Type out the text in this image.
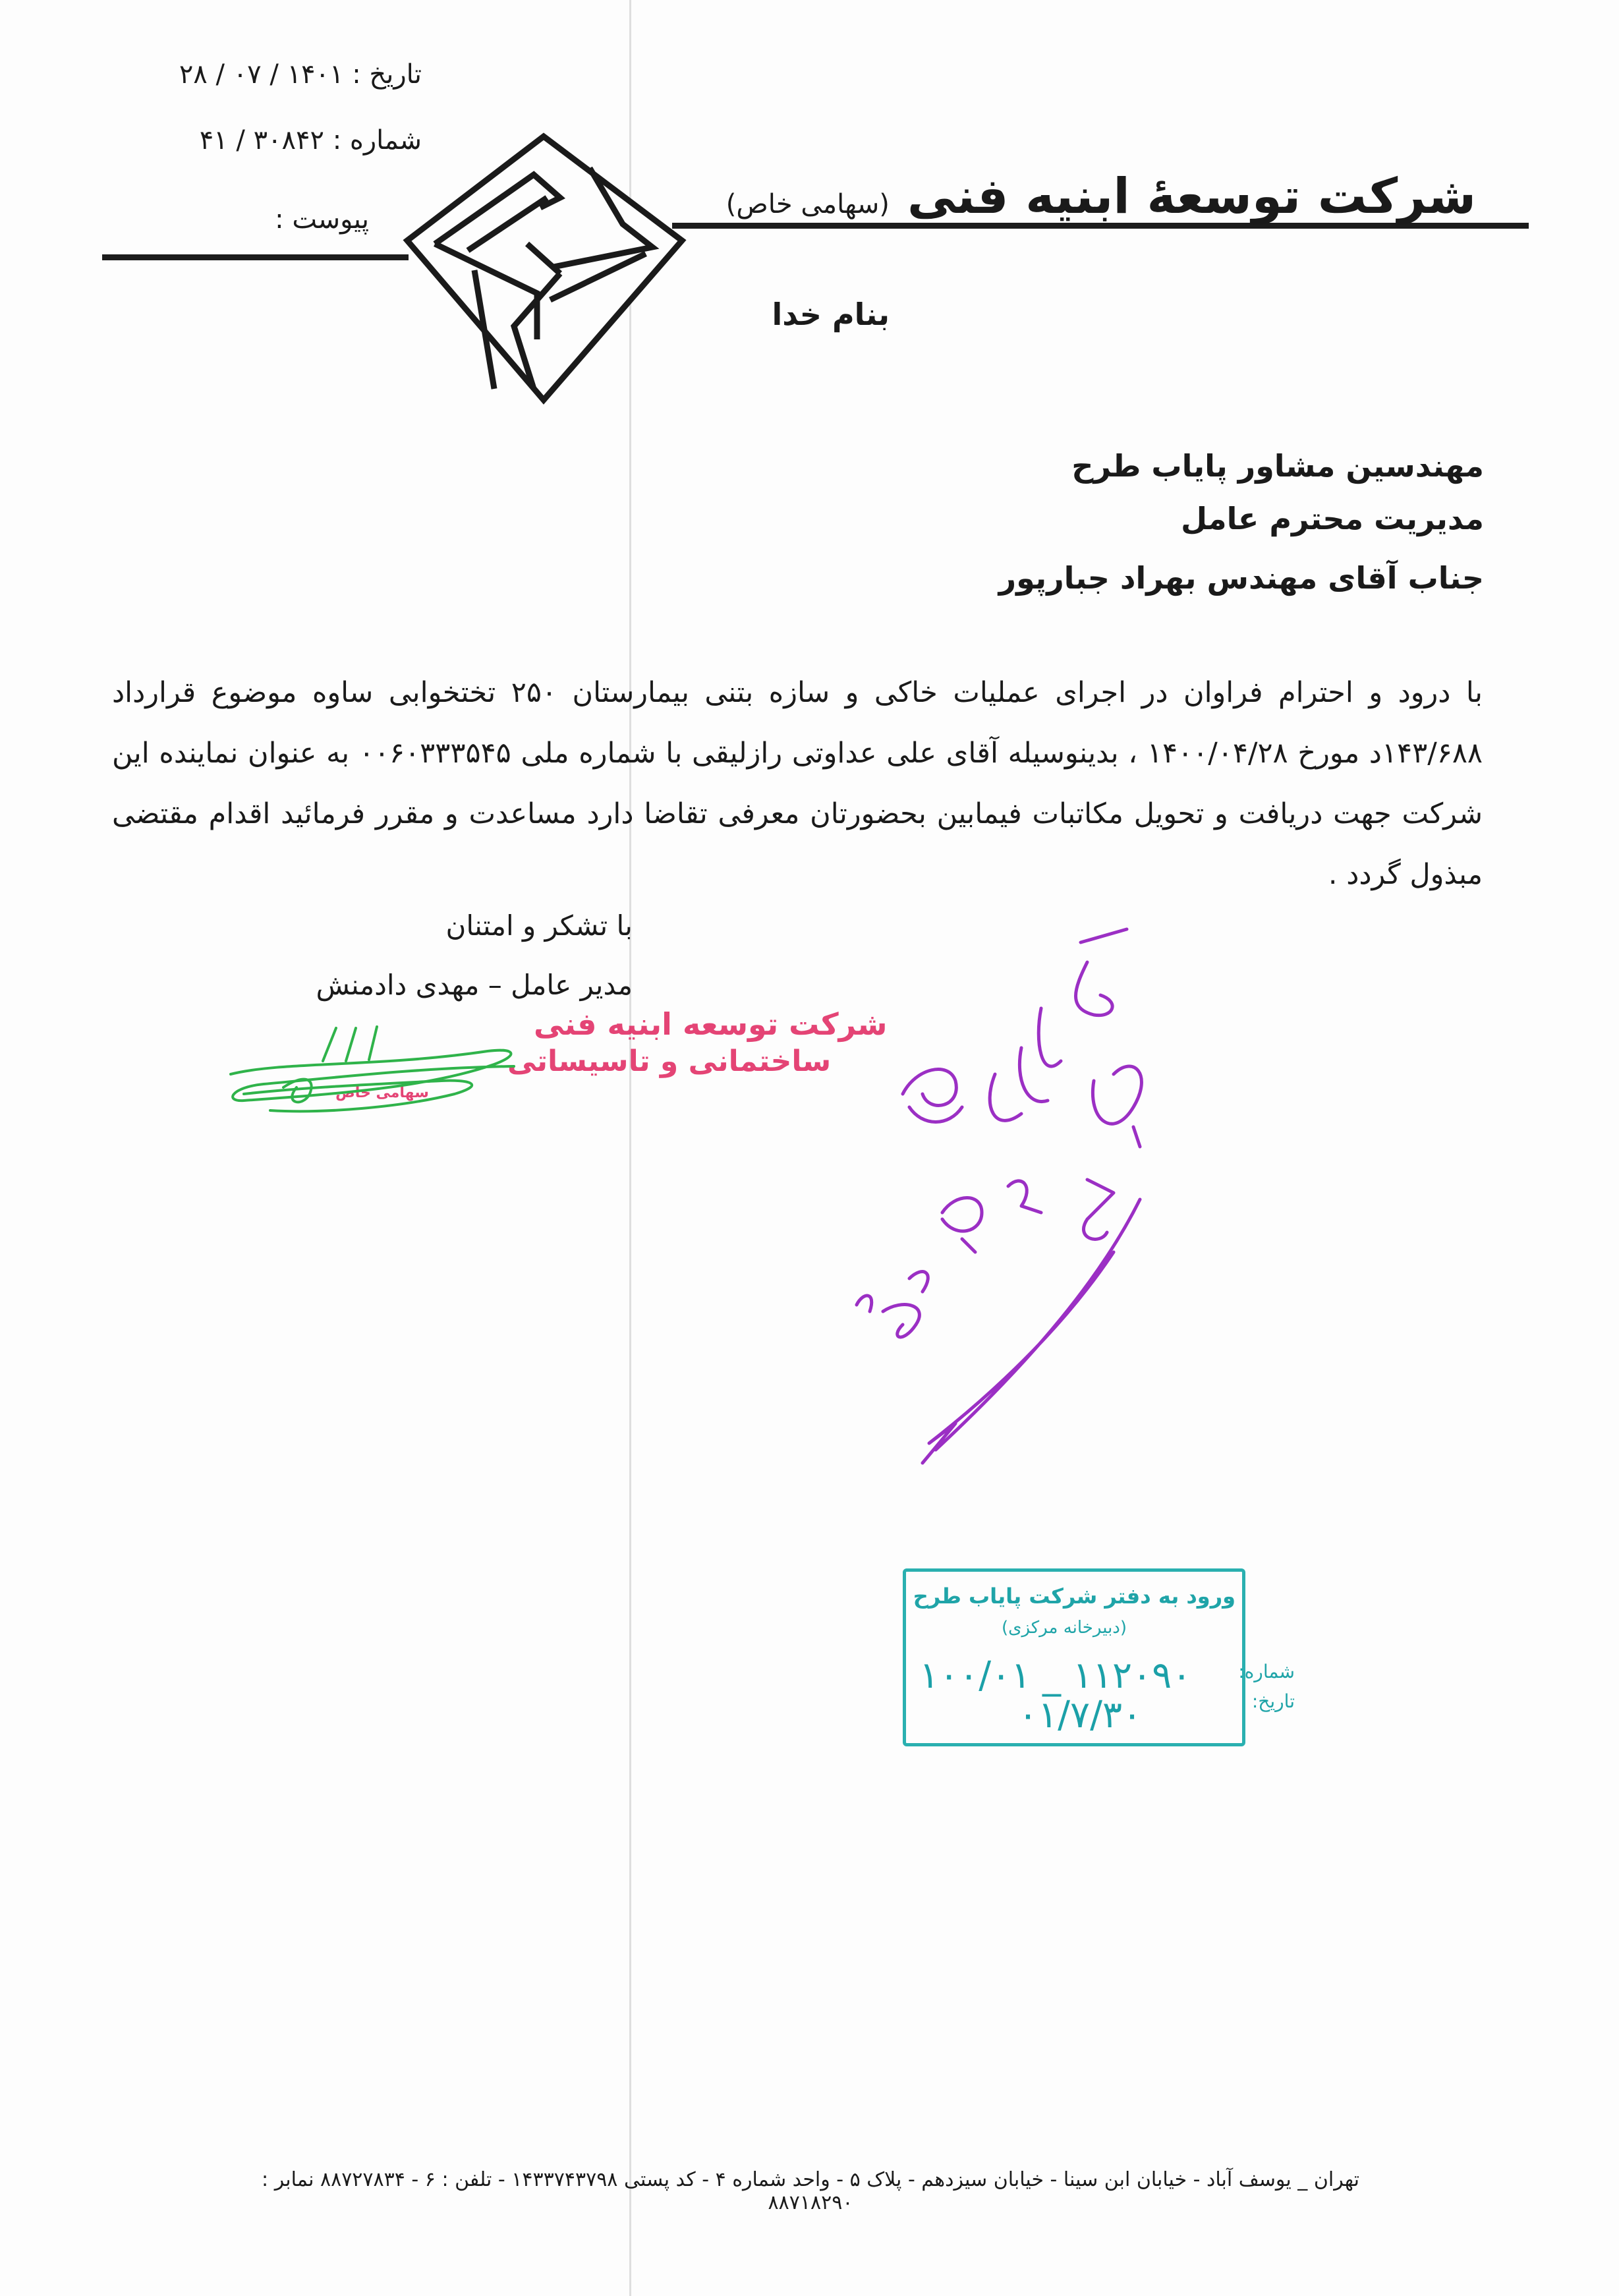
تاریخ : ۱۴۰۱ / ۰۷ / ۲۸
شماره : ۳۰۸۴۲ / ۴۱
پیوست :	شرکت توسعۀ ابنیه فنی (سهامی خاص)
بنام خدا
مهندسین مشاور پایاب طرح
مدیریت محترم عامل
جناب آقای مهندس بهراد جبارپور
با درود و احترام فراوان در اجرای عملیات خاکی و سازه بتنی بیمارستان ۲۵۰ تختخوابی ساوه موضوع قرارداد ۱۴۳/۶۸۸د مورخ ۱۴۰۰/۰۴/۲۸ ، بدینوسیله آقای علی عداوتی رازلیقی با شماره ملی ۰۰۶۰۳۳۳۵۴۵ به عنوان نماینده این شرکت جهت دریافت و تحویل مکاتبات فیمابین بحضورتان معرفی تقاضا دارد مساعدت و مقرر فرمائید اقدام مقتضی مبذول گردد .
با تشکر و امتنان
مدیر عامل – مهدی دادمنش
شرکت توسعه ابنیه فنی
ساختمانی و تاسیساتی
سهامی خاص
ورود به دفتر شرکت پایاب طرح
(دبیرخانه مرکزی)
شماره:
تاریخ:
۱۰۰/۰۱ _ ۱۱۲۰۹۰
۰۱/۷/۳۰
تهران _ یوسف آباد - خیابان ابن سینا - خیابان سیزدهم - پلاک ۵ - واحد شماره ۴ - کد پستی ۱۴۳۳۷۴۳۷۹۸ - تلفن : ۶ - ۸۸۷۲۷۸۳۴ نمابر : ۸۸۷۱۸۲۹۰
